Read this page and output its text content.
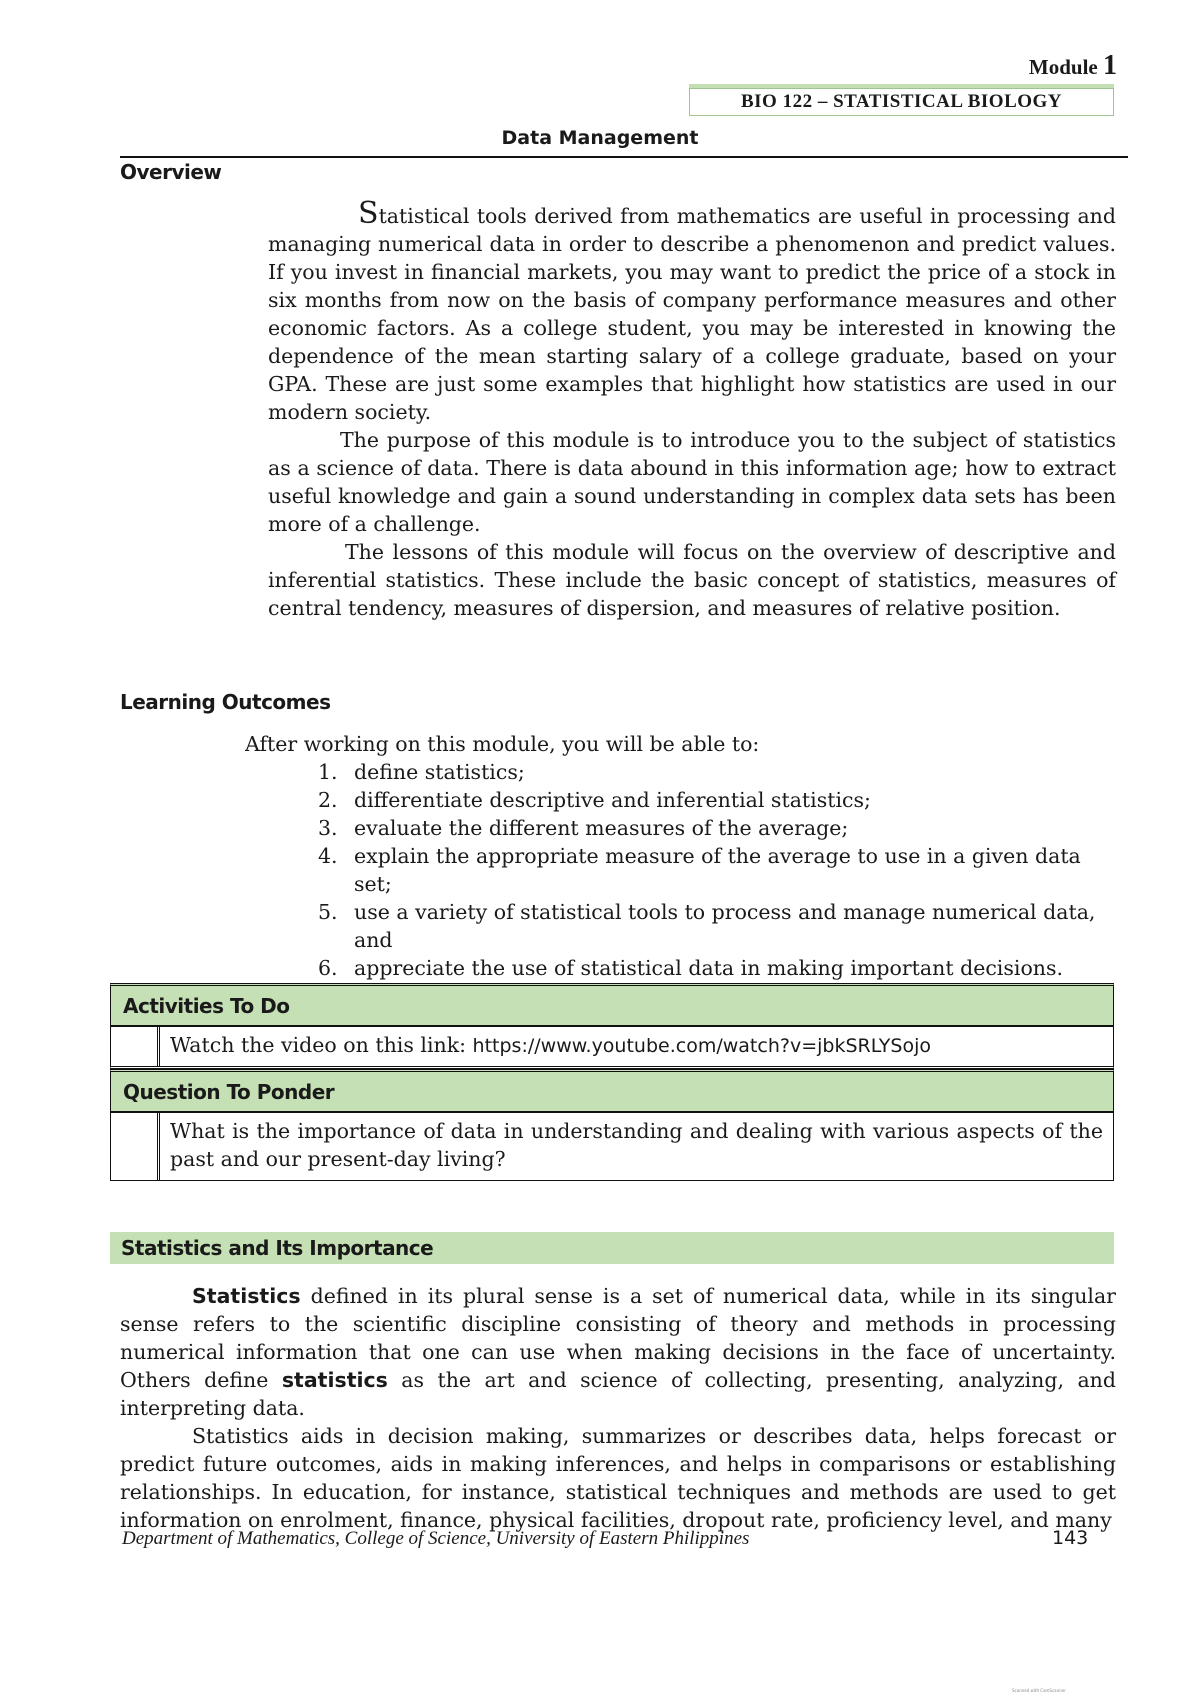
Module 1
BIO 122 – STATISTICAL BIOLOGY
Data Management
Overview

Statistical tools derived from mathematics are useful in processing and managing numerical data in order to describe a phenomenon and predict values. If you invest in financial markets, you may want to predict the price of a stock in six months from now on the basis of company performance measures and other economic factors. As a college student, you may be interested in knowing the dependence of the mean starting salary of a college graduate, based on your GPA. These are just some examples that highlight how statistics are used in our modern society.

The purpose of this module is to introduce you to the subject of statistics as a science of data. There is data abound in this information age; how to extract useful knowledge and gain a sound understanding in complex data sets has been more of a challenge.

The lessons of this module will focus on the overview of descriptive and inferential statistics. These include the basic concept of statistics, measures of central tendency, measures of dispersion, and measures of relative position.

Learning Outcomes
After working on this module, you will be able to:
1. define statistics;
2. differentiate descriptive and inferential statistics;
3. evaluate the different measures of the average;
4. explain the appropriate measure of the average to use in a given data set;
5. use a variety of statistical tools to process and manage numerical data, and
6. appreciate the use of statistical data in making important decisions.
Activities To Do
Watch the video on this link: https://www.youtube.com/watch?v=jbkSRLYSojo
Question To Ponder
What is the importance of data in understanding and dealing with various aspects of the past and our present-day living?
Statistics and Its Importance

Statistics defined in its plural sense is a set of numerical data, while in its singular sense refers to the scientific discipline consisting of theory and methods in processing numerical information that one can use when making decisions in the face of uncertainty. Others define statistics as the art and science of collecting, presenting, analyzing, and interpreting data.

Statistics aids in decision making, summarizes or describes data, helps forecast or predict future outcomes, aids in making inferences, and helps in comparisons or establishing relationships. In education, for instance, statistical techniques and methods are used to get information on enrolment, finance, physical facilities, dropout rate, proficiency level, and many

Department of Mathematics, College of Science, University of Eastern Philippines	143
Scanned with CamScanner
